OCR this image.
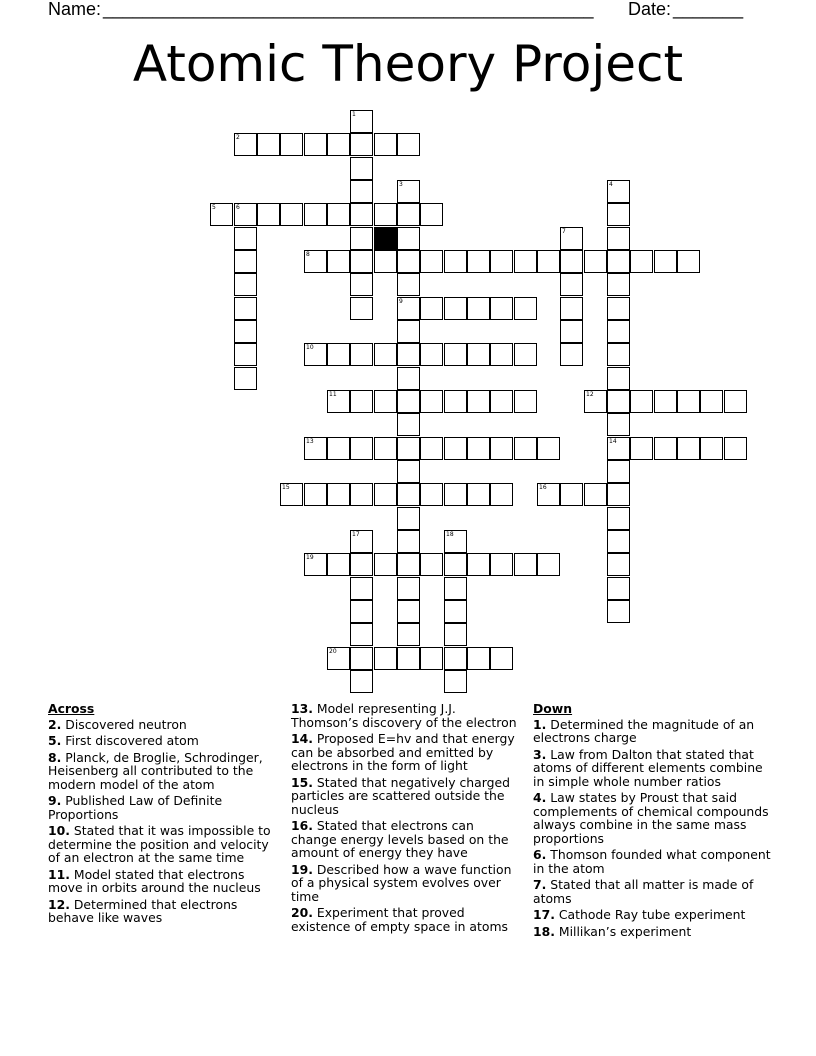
Name: _________________________________________________ Date: _______
Atomic Theory Project
2
5	6
8
9
10
11	12
13	14
15	16
19
20
1
3	4
7
17	18
Across
2. Discovered neutron
5. First discovered atom
8. Planck, de Broglie, Schrodinger, Heisenberg all contributed to the modern model of the atom
9. Published Law of Definite Proportions
10. Stated that it was impossible to determine the position and velocity of an electron at the same time
11. Model stated that electrons move in orbits around the nucleus
12. Determined that electrons behave like waves
13. Model representing J.J. Thomson’s discovery of the electron
14. Proposed E=hv and that energy can be absorbed and emitted by electrons in the form of light
15. Stated that negatively charged particles are scattered outside the nucleus
16. Stated that electrons can change energy levels based on the amount of energy they have
19. Described how a wave function of a physical system evolves over time
20. Experiment that proved existence of empty space in atoms
Down
1. Determined the magnitude of an electrons charge
3. Law from Dalton that stated that atoms of different elements combine in simple whole number ratios
4. Law states by Proust that said complements of chemical compounds always combine in the same mass proportions
6. Thomson founded what component in the atom
7. Stated that all matter is made of atoms
17. Cathode Ray tube experiment
18. Millikan’s experiment
